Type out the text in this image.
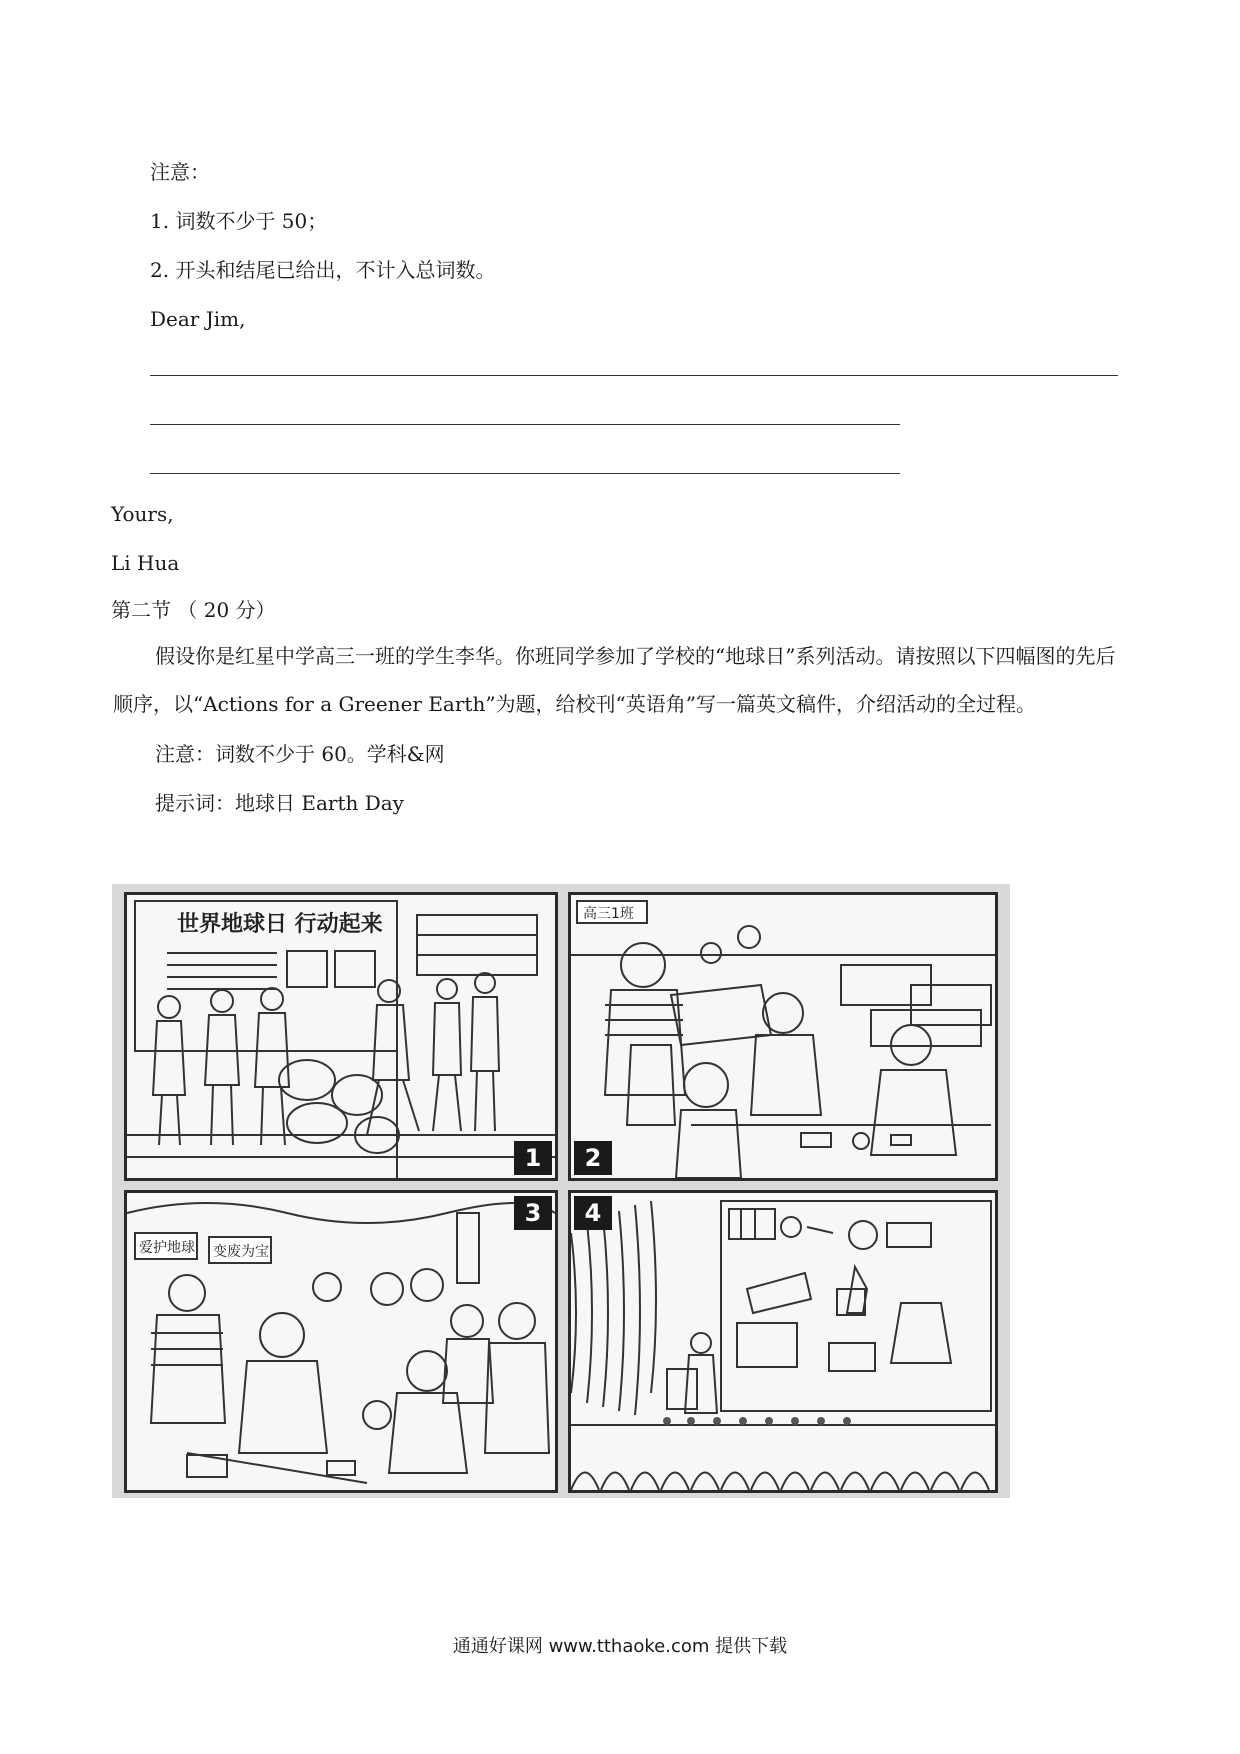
注意：
1. 词数不少于 50；
2. 开头和结尾已给出，不计入总词数。
Dear Jim,
Yours,
Li Hua
第二节 （ 20 分）
假设你是红星中学高三一班的学生李华。你班同学参加了学校的“地球日”系列活动。请按照以下四幅图的先后顺序，以“Actions for a Greener Earth”为题，给校刊“英语角”写一篇英文稿件，介绍活动的全过程。
注意：词数不少于 60。学科&网
提示词：地球日 Earth Day
世界地球日 行动起来
1
高三1班
2
爱护地球 变废为宝
3	4
通通好课网 www.tthaoke.com 提供下载
